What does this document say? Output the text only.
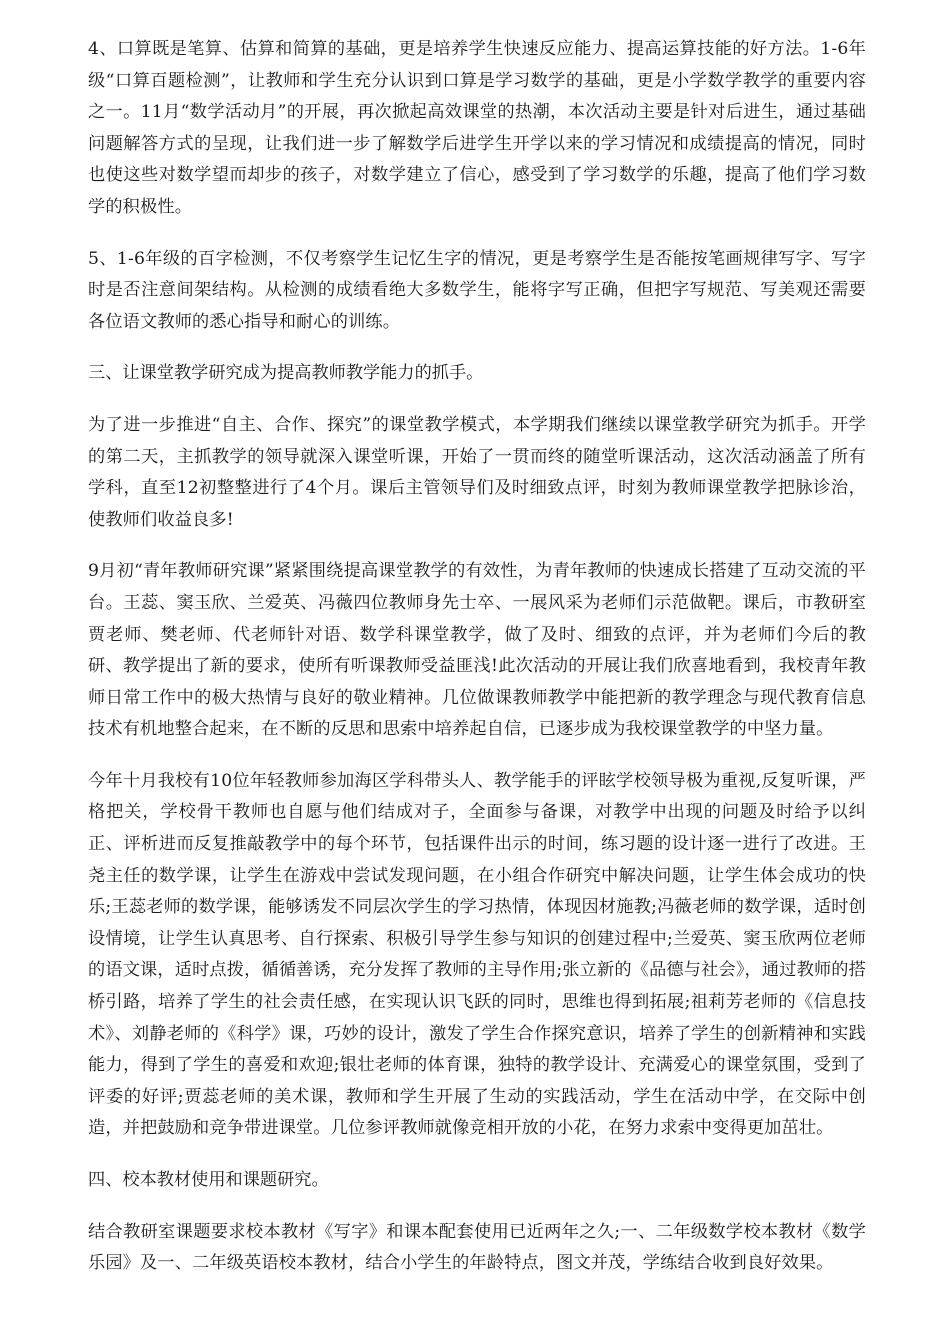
4、口算既是笔算、估算和简算的基础，更是培养学生快速反应能力、提高运算技能的好方法。1-6年级“口算百题检测”，让教师和学生充分认识到口算是学习数学的基础，更是小学数学教学的重要内容之一。11月“数学活动月”的开展，再次掀起高效课堂的热潮，本次活动主要是针对后进生，通过基础问题解答方式的呈现，让我们进一步了解数学后进学生开学以来的学习情况和成绩提高的情况，同时也使这些对数学望而却步的孩子，对数学建立了信心，感受到了学习数学的乐趣，提高了他们学习数学的积极性。

5、1-6年级的百字检测，不仅考察学生记忆生字的情况，更是考察学生是否能按笔画规律写字、写字时是否注意间架结构。从检测的成绩看绝大多数学生，能将字写正确，但把字写规范、写美观还需要各位语文教师的悉心指导和耐心的训练。

三、让课堂教学研究成为提高教师教学能力的抓手。

为了进一步推进“自主、合作、探究”的课堂教学模式，本学期我们继续以课堂教学研究为抓手。开学的第二天，主抓教学的领导就深入课堂听课，开始了一贯而终的随堂听课活动，这次活动涵盖了所有学科，直至12初整整进行了4个月。课后主管领导们及时细致点评，时刻为教师课堂教学把脉诊治，使教师们收益良多!

9月初“青年教师研究课”紧紧围绕提高课堂教学的有效性，为青年教师的快速成长搭建了互动交流的平台。王蕊、窦玉欣、兰爱英、冯薇四位教师身先士卒、一展风采为老师们示范做靶。课后，市教研室贾老师、樊老师、代老师针对语、数学科课堂教学，做了及时、细致的点评，并为老师们今后的教研、教学提出了新的要求，使所有听课教师受益匪浅!此次活动的开展让我们欣喜地看到，我校青年教师日常工作中的极大热情与良好的敬业精神。几位做课教师教学中能把新的教学理念与现代教育信息技术有机地整合起来，在不断的反思和思索中培养起自信，已逐步成为我校课堂教学的中坚力量。

今年十月我校有10位年轻教师参加海区学科带头人、教学能手的评眩学校领导极为重视,反复听课，严格把关，学校骨干教师也自愿与他们结成对子，全面参与备课，对教学中出现的问题及时给予以纠正、评析进而反复推敲教学中的每个环节，包括课件出示的时间，练习题的设计逐一进行了改进。王尧主任的数学课，让学生在游戏中尝试发现问题，在小组合作研究中解决问题，让学生体会成功的快乐;王蕊老师的数学课，能够诱发不同层次学生的学习热情，体现因材施教;冯薇老师的数学课，适时创设情境，让学生认真思考、自行探索、积极引导学生参与知识的创建过程中;兰爱英、窦玉欣两位老师的语文课，适时点拨，循循善诱，充分发挥了教师的主导作用;张立新的《品德与社会》，通过教师的搭桥引路，培养了学生的社会责任感，在实现认识飞跃的同时，思维也得到拓展;祖莉芳老师的《信息技术》、刘静老师的《科学》课，巧妙的设计，激发了学生合作探究意识，培养了学生的创新精神和实践能力，得到了学生的喜爱和欢迎;银壮老师的体育课，独特的教学设计、充满爱心的课堂氛围，受到了评委的好评;贾蕊老师的美术课，教师和学生开展了生动的实践活动，学生在活动中学，在交际中创造，并把鼓励和竞争带进课堂。几位参评教师就像竞相开放的小花，在努力求索中变得更加茁壮。

四、校本教材使用和课题研究。

结合教研室课题要求校本教材《写字》和课本配套使用已近两年之久;一、二年级数学校本教材《数学乐园》及一、二年级英语校本教材，结合小学生的年龄特点，图文并茂，学练结合收到良好效果。
